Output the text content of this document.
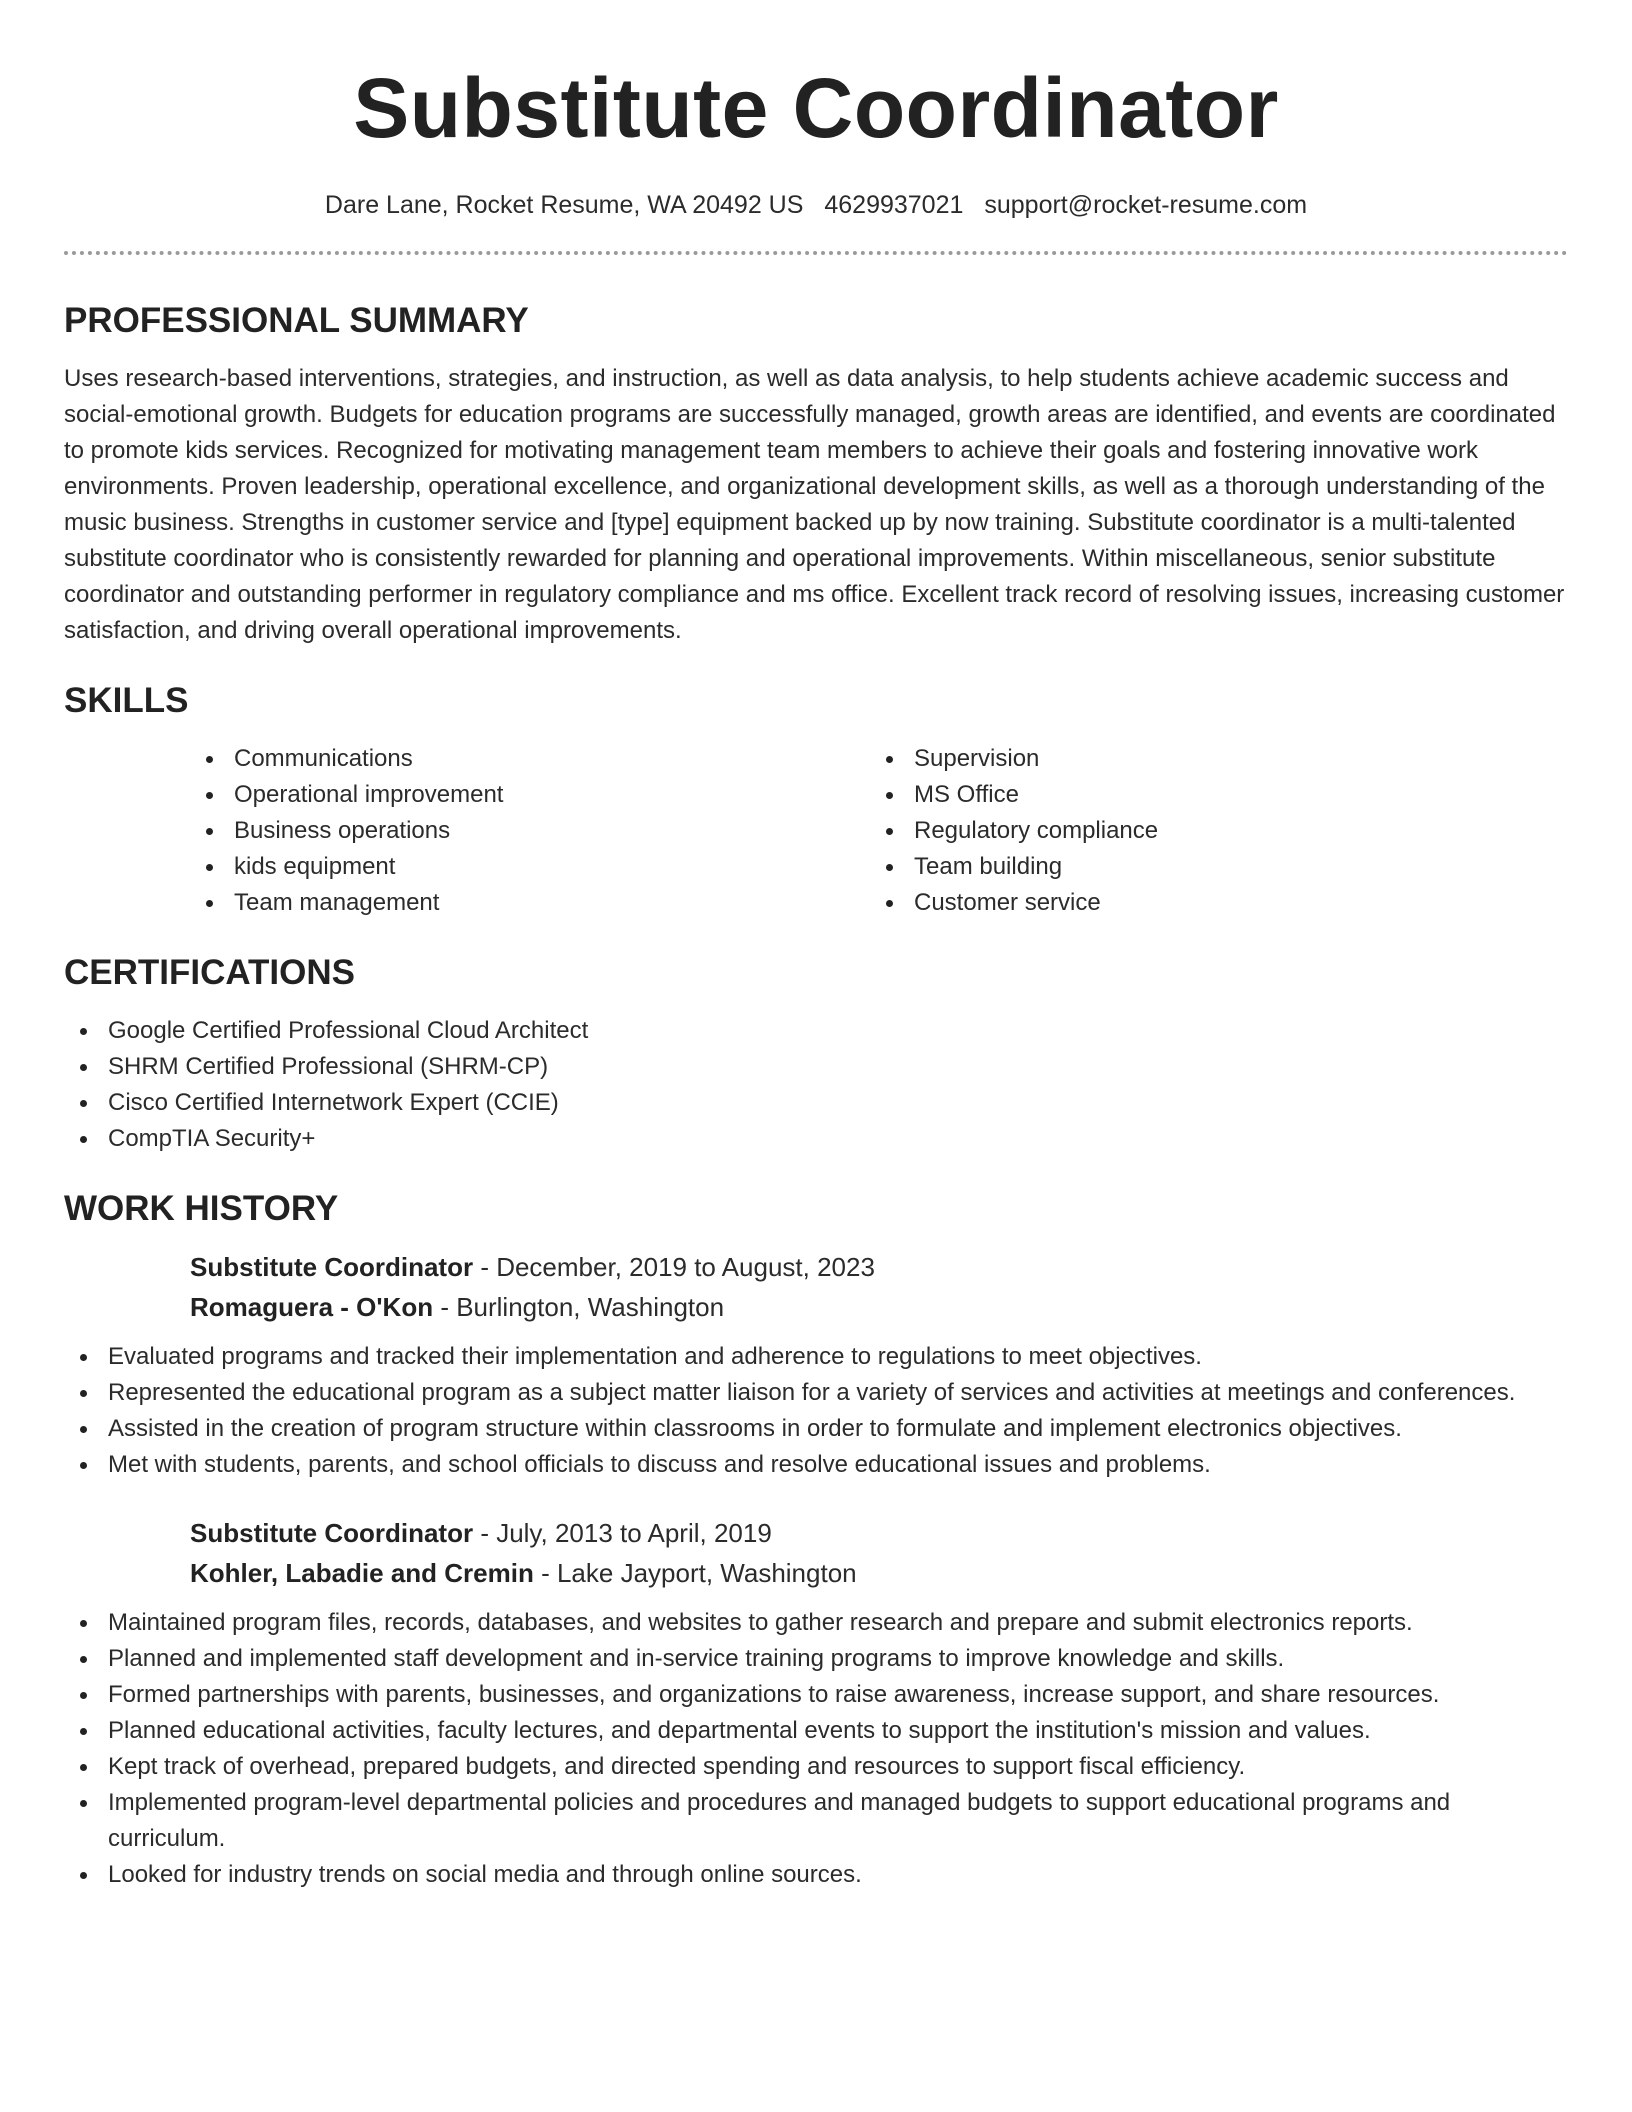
Substitute Coordinator
Dare Lane, Rocket Resume, WA 20492 US 4629937021 support@rocket-resume.com
PROFESSIONAL SUMMARY

Uses research-based interventions, strategies, and instruction, as well as data analysis, to help students achieve academic success and social-emotional growth. Budgets for education programs are successfully managed, growth areas are identified, and events are coordinated to promote kids services. Recognized for motivating management team members to achieve their goals and fostering innovative work environments. Proven leadership, operational excellence, and organizational development skills, as well as a thorough understanding of the music business. Strengths in customer service and [type] equipment backed up by now training. Substitute coordinator is a multi-talented substitute coordinator who is consistently rewarded for planning and operational improvements. Within miscellaneous, senior substitute coordinator and outstanding performer in regulatory compliance and ms office. Excellent track record of resolving issues, increasing customer satisfaction, and driving overall operational improvements.

SKILLS
Communications
Operational improvement
Business operations
kids equipment
Team management
Supervision
MS Office
Regulatory compliance
Team building
Customer service
CERTIFICATIONS
Google Certified Professional Cloud Architect
SHRM Certified Professional (SHRM-CP)
Cisco Certified Internetwork Expert (CCIE)
CompTIA Security+
WORK HISTORY
Substitute Coordinator - December, 2019 to August, 2023
Romaguera - O'Kon - Burlington, Washington
Evaluated programs and tracked their implementation and adherence to regulations to meet objectives.
Represented the educational program as a subject matter liaison for a variety of services and activities at meetings and conferences.
Assisted in the creation of program structure within classrooms in order to formulate and implement electronics objectives.
Met with students, parents, and school officials to discuss and resolve educational issues and problems.
Substitute Coordinator - July, 2013 to April, 2019
Kohler, Labadie and Cremin - Lake Jayport, Washington
Maintained program files, records, databases, and websites to gather research and prepare and submit electronics reports.
Planned and implemented staff development and in-service training programs to improve knowledge and skills.
Formed partnerships with parents, businesses, and organizations to raise awareness, increase support, and share resources.
Planned educational activities, faculty lectures, and departmental events to support the institution's mission and values.
Kept track of overhead, prepared budgets, and directed spending and resources to support fiscal efficiency.
Implemented program-level departmental policies and procedures and managed budgets to support educational programs and curriculum.
Looked for industry trends on social media and through online sources.
